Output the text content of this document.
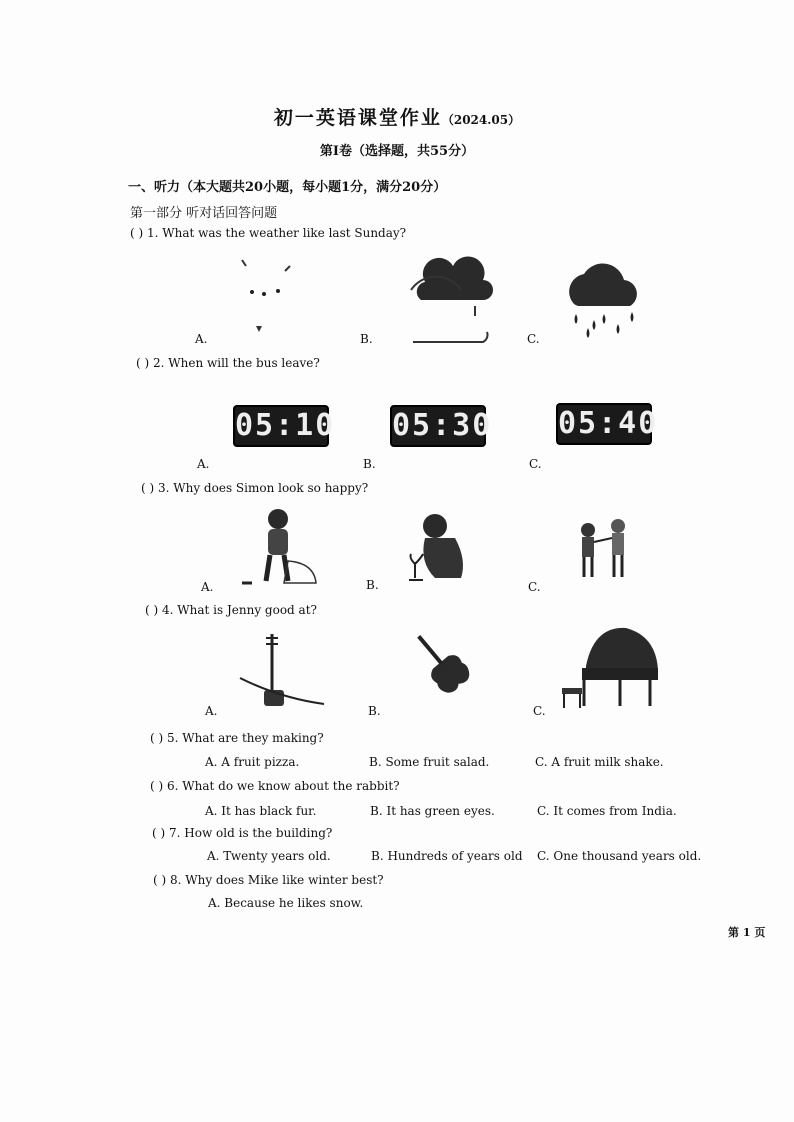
初一英语课堂作业（2024.05）
第Ⅰ卷（选择题，共55分）
一、听力（本大题共20小题，每小题1分，满分20分）
第一部分 听对话回答问题
( ) 1. What was the weather like last Sunday?
A.	B.	C.
( ) 2. When will the bus leave?
05:10 05:30 05:40
A.	B.	C.
( ) 3. Why does Simon look so happy?
A.	B.	C.
( ) 4. What is Jenny good at?
A.	B.	C.
( ) 5. What are they making?
A. A fruit pizza.	B. Some fruit salad.	C. A fruit milk shake.
( ) 6. What do we know about the rabbit?
A. It has black fur.	B. It has green eyes.	C. It comes from India.
( ) 7. How old is the building?
A. Twenty years old.	B. Hundreds of years old C. One thousand years old.
( ) 8. Why does Mike like winter best?
A. Because he likes snow.
第 1 页
